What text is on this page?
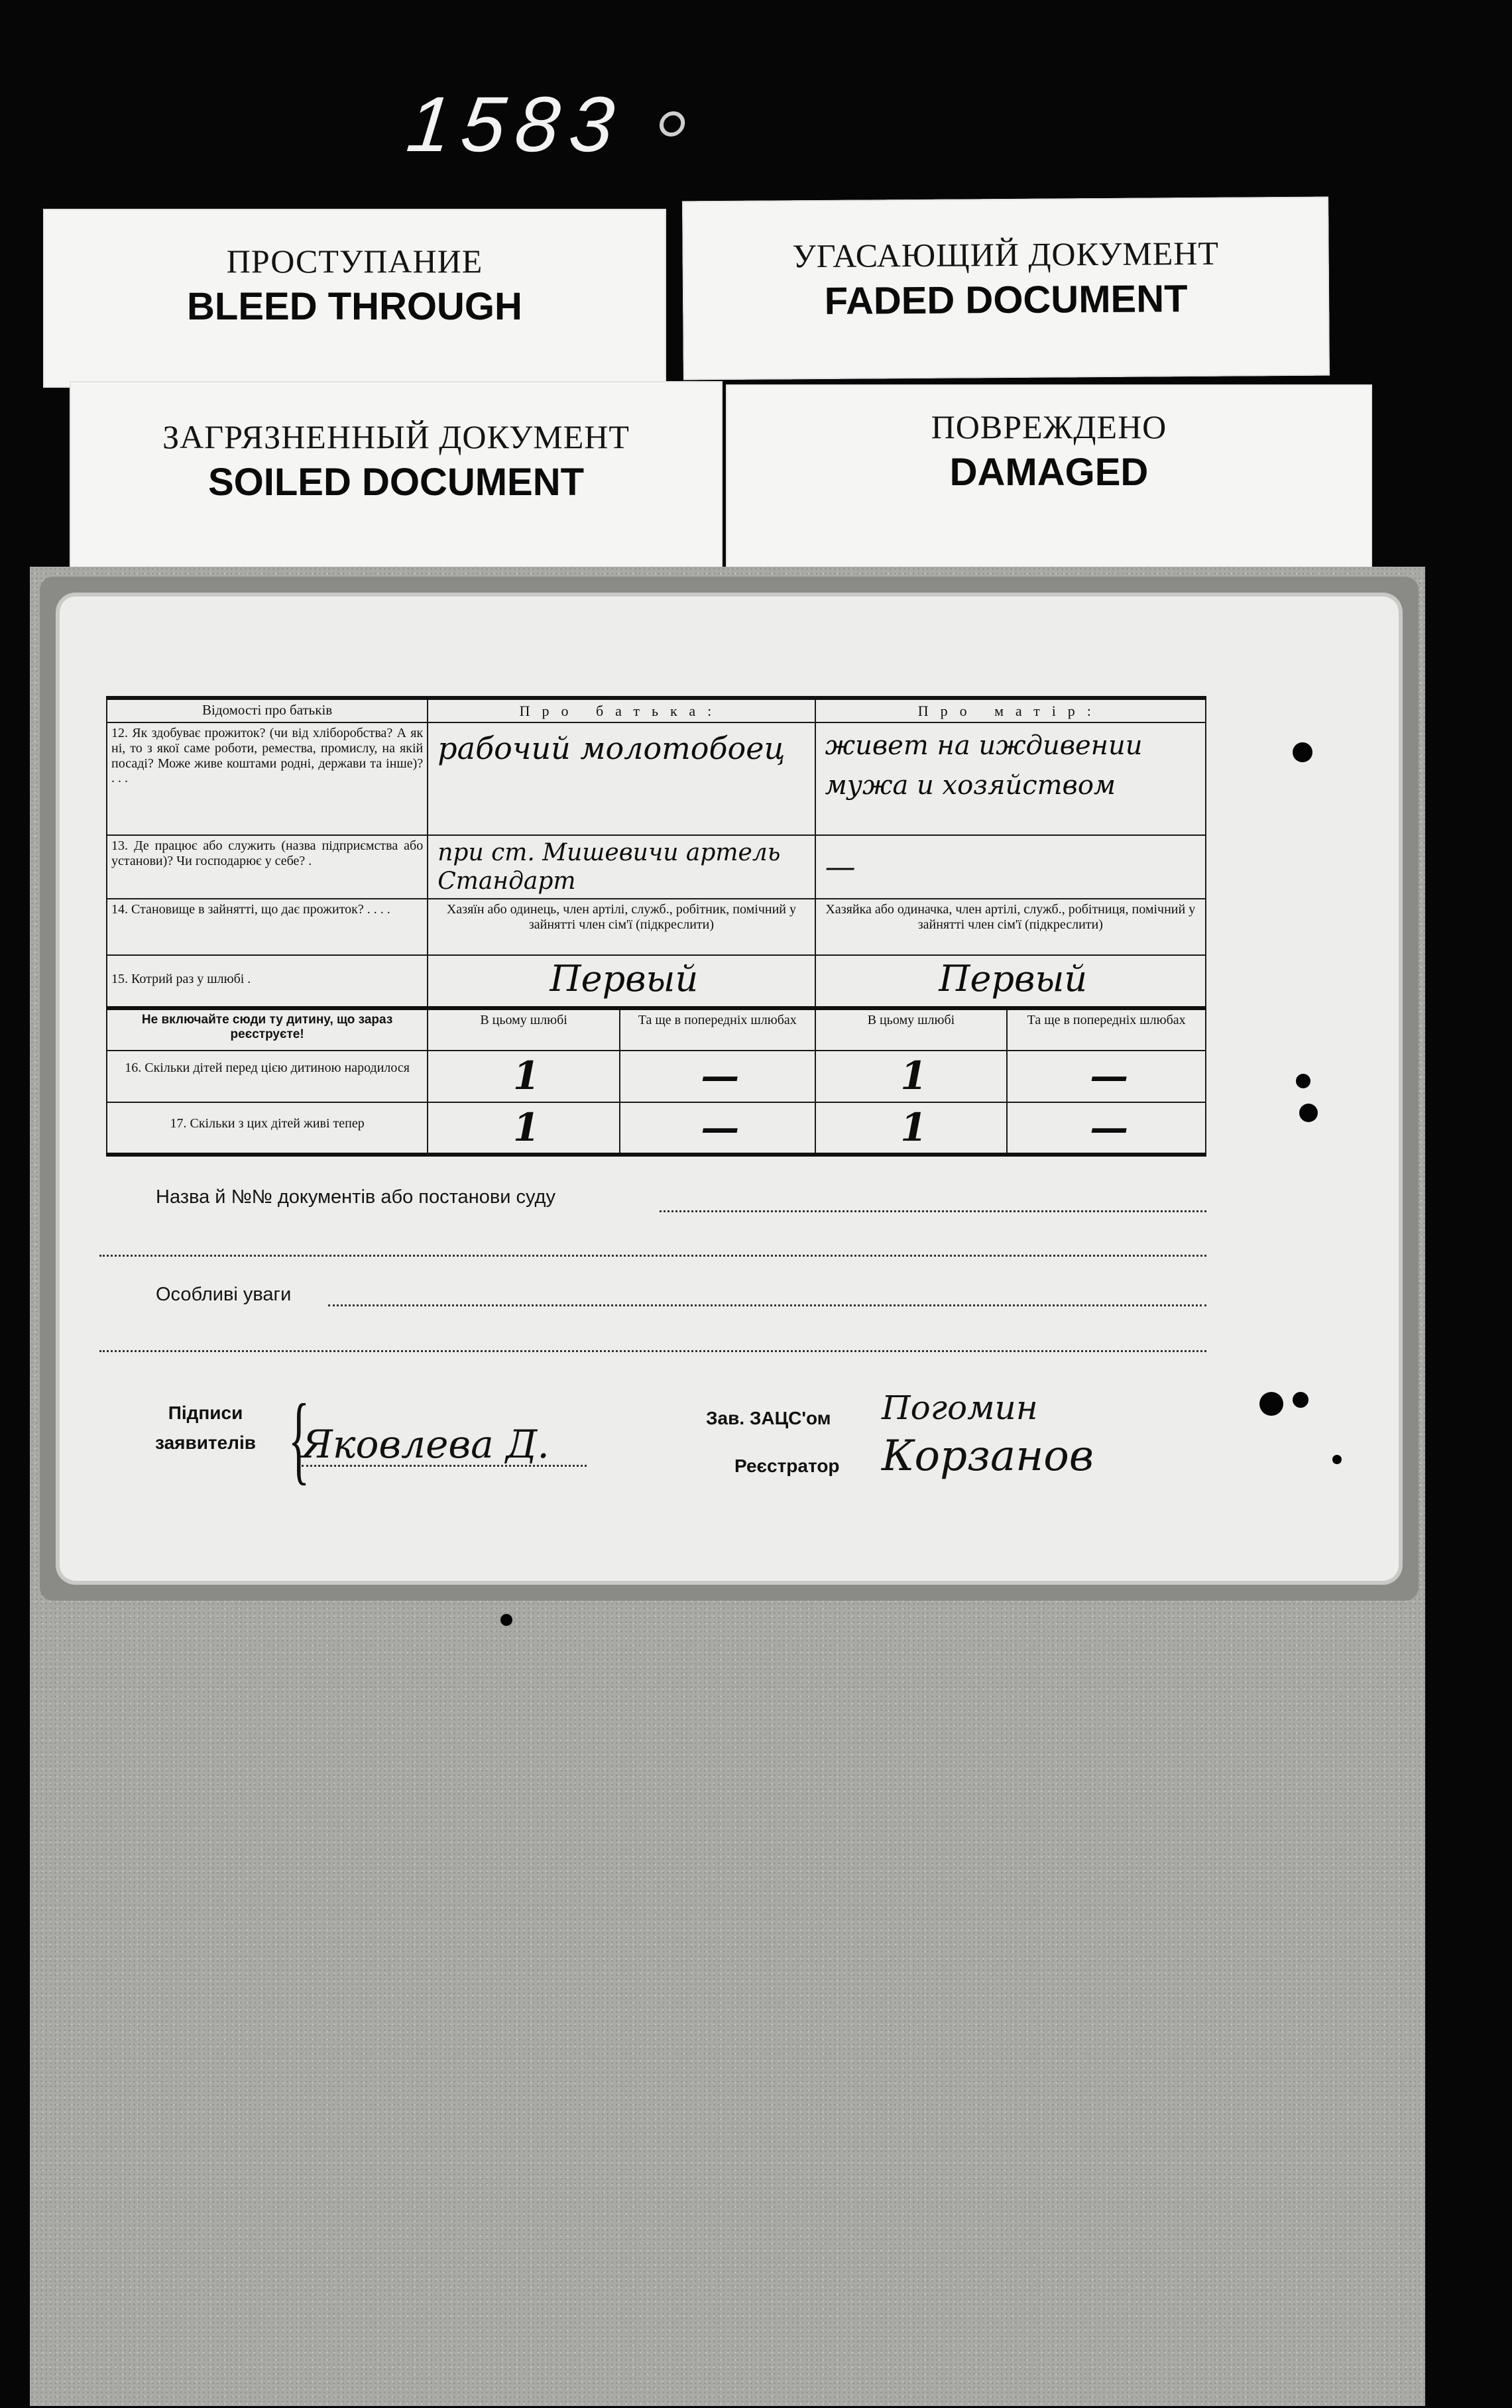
1583
ПРОСТУПАНИЕ
BLEED THROUGH
УГАСАЮЩИЙ ДОКУМЕНТ
FADED DOCUMENT
ЗАГРЯЗНЕННЫЙ ДОКУМЕНТ
SOILED DOCUMENT
ПОВРЕЖДЕНО
DAMAGED
Відомості про батьків	Про батька:		Про матір:	
12. Як здобуває прожиток? (чи від хліборобства? А як ні, то з якої саме роботи, ремества, промислу, на якій посаді? Може живе коштами родні, держави та інше)? . . .	рабочий молотобоец		живет на иждивении мужа и хозяйством	
13. Де працює або служить (назва підприємства або установи)? Чи господарює у себе? .	при ст. Мишевичи артель Стандарт		—	
14. Становище в зайнятті, що дає прожиток? . . . .	Хазяїн або одинець, член артілі, служб., робітник, помічний у зайнятті член сім'ї (підкреслити)		Хазяйка або одиначка, член артілі, служб., робітниця, помічний у зайнятті член сім'ї (підкреслити)	
15. Котрий раз у шлюбі .	Первый		Первый	
Не включайте сюди ту дитину, що зараз реєструєте!	В цьому шлюбі	Та ще в попередніх шлюбах	В цьому шлюбі	Та ще в попередніх шлюбах
16. Скільки дітей перед цією дитиною народилося	1	—	1	—
17. Скільки з цих дітей живі тепер	1	—	1	—
Назва й №№ документів або постанови суду
Особливі уваги
Підписи заявителів {
Яковлева Д.
Зав. ЗАЦС'ом Погомин
Реєстратор Корзанов
